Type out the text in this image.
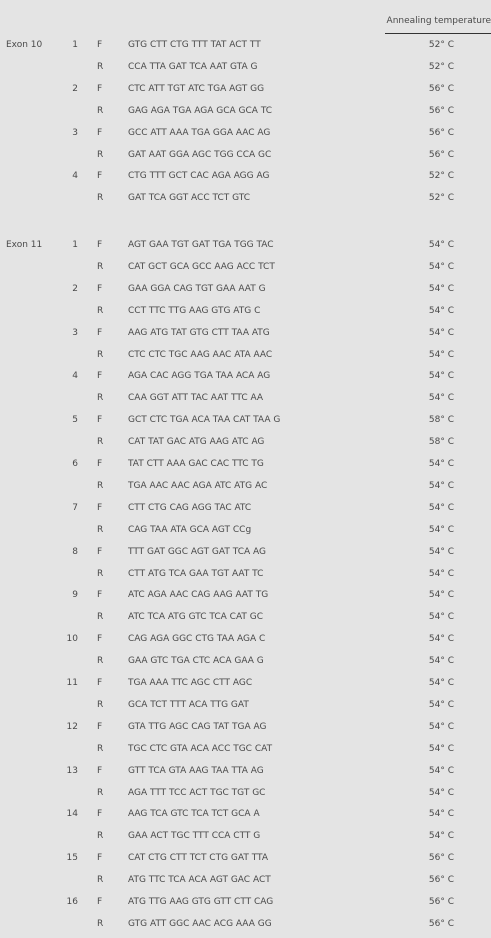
Annealing temperature
Exon 10	1 F	GTG CTT CTG TTT TAT ACT TT	52° C
R	CCA TTA GAT TCA AAT GTA G	52° C
2 F	CTC ATT TGT ATC TGA AGT GG	56° C
R	GAG AGA TGA AGA GCA GCA TC	56° C
3 F	GCC ATT AAA TGA GGA AAC AG	56° C
R	GAT AAT GGA AGC TGG CCA GC	56° C
4 F	CTG TTT GCT CAC AGA AGG AG	52° C
R	GAT TCA GGT ACC TCT GTC	52° C
Exon 11	1 F	AGT GAA TGT GAT TGA TGG TAC	54° C
R	CAT GCT GCA GCC AAG ACC TCT	54° C
2 F	GAA GGA CAG TGT GAA AAT G	54° C
R	CCT TTC TTG AAG GTG ATG C	54° C
3 F	AAG ATG TAT GTG CTT TAA ATG	54° C
R	CTC CTC TGC AAG AAC ATA AAC	54° C
4 F	AGA CAC AGG TGA TAA ACA AG	54° C
R	CAA GGT ATT TAC AAT TTC AA	54° C
5 F	GCT CTC TGA ACA TAA CAT TAA G	58° C
R	CAT TAT GAC ATG AAG ATC AG	58° C
6 F	TAT CTT AAA GAC CAC TTC TG	54° C
R	TGA AAC AAC AGA ATC ATG AC	54° C
7 F	CTT CTG CAG AGG TAC ATC	54° C
R	CAG TAA ATA GCA AGT CCg	54° C
8 F	TTT GAT GGC AGT GAT TCA AG	54° C
R	CTT ATG TCA GAA TGT AAT TC	54° C
9 F	ATC AGA AAC CAG AAG AAT TG	54° C
R	ATC TCA ATG GTC TCA CAT GC	54° C
10 F	CAG AGA GGC CTG TAA AGA C	54° C
R	GAA GTC TGA CTC ACA GAA G	54° C
11 F	TGA AAA TTC AGC CTT AGC	54° C
R	GCA TCT TTT ACA TTG GAT	54° C
12 F	GTA TTG AGC CAG TAT TGA AG	54° C
R	TGC CTC GTA ACA ACC TGC CAT	54° C
13 F	GTT TCA GTA AAG TAA TTA AG	54° C
R	AGA TTT TCC ACT TGC TGT GC	54° C
14 F	AAG TCA GTC TCA TCT GCA A	54° C
R	GAA ACT TGC TTT CCA CTT G	54° C
15 F	CAT CTG CTT TCT CTG GAT TTA	56° C
R	ATG TTC TCA ACA AGT GAC ACT	56° C
16 F	ATG TTG AAG GTG GTT CTT CAG	56° C
R	GTG ATT GGC AAC ACG AAA GG	56° C
